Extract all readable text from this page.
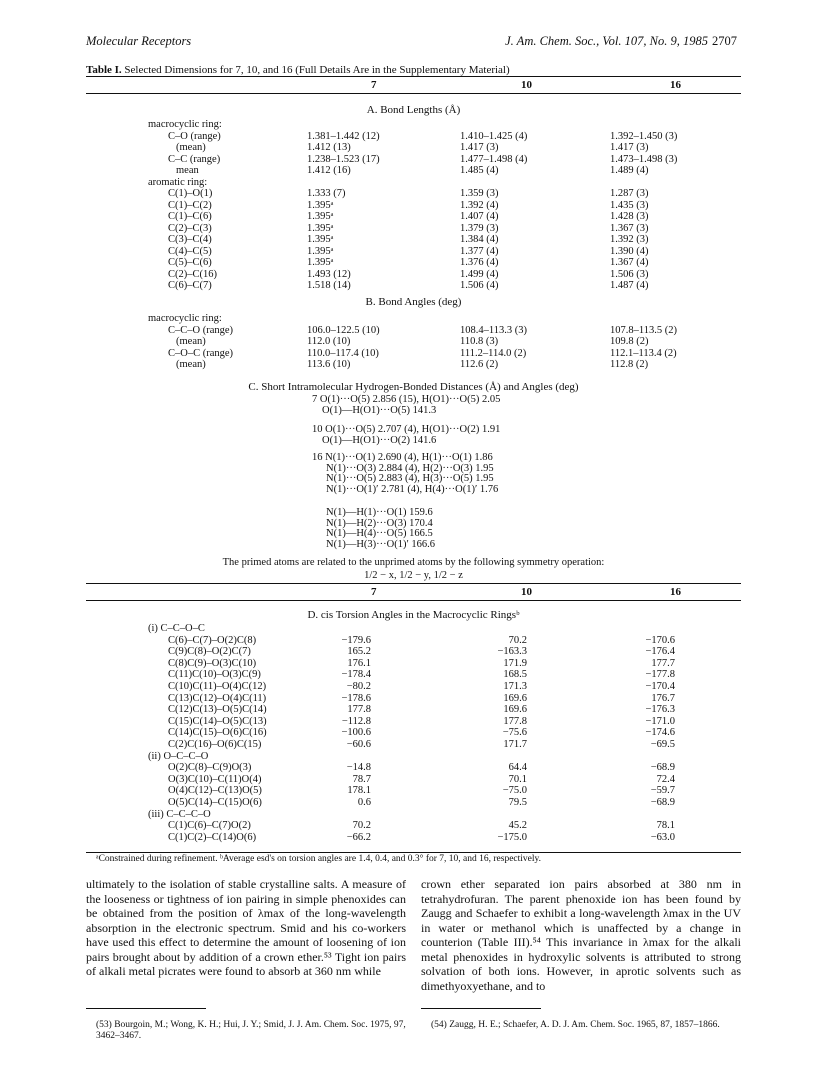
Molecular Receptors	J. Am. Chem. Soc., Vol. 107, No. 9, 1985 2707
Table I. Selected Dimensions for 7, 10, and 16 (Full Details Are in the Supplementary Material)
7	10	16
A. Bond Lengths (Å)
macrocyclic ring:
C–O (range)	1.381–1.442 (12)	1.410–1.425 (4)	1.392–1.450 (3)
(mean)	1.412 (13)	1.417 (3)	1.417 (3)
C–C (range)	1.238–1.523 (17)	1.477–1.498 (4)	1.473–1.498 (3)
mean	1.412 (16)	1.485 (4)	1.489 (4)
aromatic ring:
C(1)–O(1)	1.333 (7)	1.359 (3)	1.287 (3)
C(1)–C(2)	1.395ᵃ	1.392 (4)	1.435 (3)
C(1)–C(6)	1.395ᵃ	1.407 (4)	1.428 (3)
C(2)–C(3)	1.395ᵃ	1.379 (3)	1.367 (3)
C(3)–C(4)	1.395ᵃ	1.384 (4)	1.392 (3)
C(4)–C(5)	1.395ᵃ	1.377 (4)	1.390 (4)
C(5)–C(6)	1.395ᵃ	1.376 (4)	1.367 (4)
C(2)–C(16)	1.493 (12)	1.499 (4)	1.506 (3)
C(6)–C(7)	1.518 (14)	1.506 (4)	1.487 (4)
B. Bond Angles (deg)
macrocyclic ring:
C–C–O (range)	106.0–122.5 (10)	108.4–113.3 (3)	107.8–113.5 (2)
(mean)	112.0 (10)	110.8 (3)	109.8 (2)
C–O–C (range)	110.0–117.4 (10)	111.2–114.0 (2)	112.1–113.4 (2)
(mean)	113.6 (10)	112.6 (2)	112.8 (2)
C. Short Intramolecular Hydrogen-Bonded Distances (Å) and Angles (deg)
7 O(1)···O(5) 2.856 (15), H(O1)···O(5) 2.05
O(1)—H(O1)···O(5) 141.3
10 O(1)···O(5) 2.707 (4), H(O1)···O(2) 1.91
O(1)—H(O1)···O(2) 141.6
16 N(1)···O(1) 2.690 (4), H(1)···O(1) 1.86
N(1)···O(3) 2.884 (4), H(2)···O(3) 1.95
N(1)···O(5) 2.883 (4), H(3)···O(5) 1.95
N(1)···O(1)′ 2.781 (4), H(4)···O(1)′ 1.76
N(1)—H(1)···O(1) 159.6
N(1)—H(2)···O(3) 170.4
N(1)—H(4)···O(5) 166.5
N(1)—H(3)···O(1)′ 166.6
The primed atoms are related to the unprimed atoms by the following symmetry operation:
1/2 − x, 1/2 − y, 1/2 − z
7	10	16
D. cis Torsion Angles in the Macrocyclic Ringsᵇ
(i) C–C–O–C
C(6)–C(7)–O(2)C(8)	−179.6	70.2	−170.6
C(9)C(8)–O(2)C(7)	165.2	−163.3	−176.4
C(8)C(9)–O(3)C(10)	176.1	171.9	177.7
C(11)C(10)–O(3)C(9)	−178.4	168.5	−177.8
C(10)C(11)–O(4)C(12)	−80.2	171.3	−170.4
C(13)C(12)–O(4)C(11)	−178.6	169.6	176.7
C(12)C(13)–O(5)C(14)	177.8	169.6	−176.3
C(15)C(14)–O(5)C(13)	−112.8	177.8	−171.0
C(14)C(15)–O(6)C(16)	−100.6	−75.6	−174.6
C(2)C(16)–O(6)C(15)	−60.6	171.7	−69.5
(ii) O–C–C–O
O(2)C(8)–C(9)O(3)	−14.8	64.4	−68.9
O(3)C(10)–C(11)O(4)	78.7	70.1	72.4
O(4)C(12)–C(13)O(5)	178.1	−75.0	−59.7
O(5)C(14)–C(15)O(6)	0.6	79.5	−68.9
(iii) C–C–C–O
C(1)C(6)–C(7)O(2)	70.2	45.2	78.1
C(1)C(2)–C(14)O(6)	−66.2	−175.0	−63.0
ᵃConstrained during refinement. ᵇAverage esd's on torsion angles are 1.4, 0.4, and 0.3° for 7, 10, and 16, respectively.
ultimately to the isolation of stable crystalline salts. A measure of the looseness or tightness of ion pairing in simple phenoxides can be obtained from the position of λmax of the long-wavelength absorption in the electronic spectrum. Smid and his co-workers have used this effect to determine the amount of loosening of ion pairs brought about by addition of a crown ether.⁵³ Tight ion pairs of alkali metal picrates were found to absorb at 360 nm while
crown ether separated ion pairs absorbed at 380 nm in tetrahydrofuran. The parent phenoxide ion has been found by Zaugg and Schaefer to exhibit a long-wavelength λmax in the UV in water or methanol which is unaffected by a change in counterion (Table III).⁵⁴ This invariance in λmax for the alkali metal phenoxides in hydroxylic solvents is attributed to strong solvation of both ions. However, in aprotic solvents such as dimethyoxyethane, and to
(53) Bourgoin, M.; Wong, K. H.; Hui, J. Y.; Smid, J. J. Am. Chem. Soc. 1975, 97, 3462–3467.
(54) Zaugg, H. E.; Schaefer, A. D. J. Am. Chem. Soc. 1965, 87, 1857–1866.
